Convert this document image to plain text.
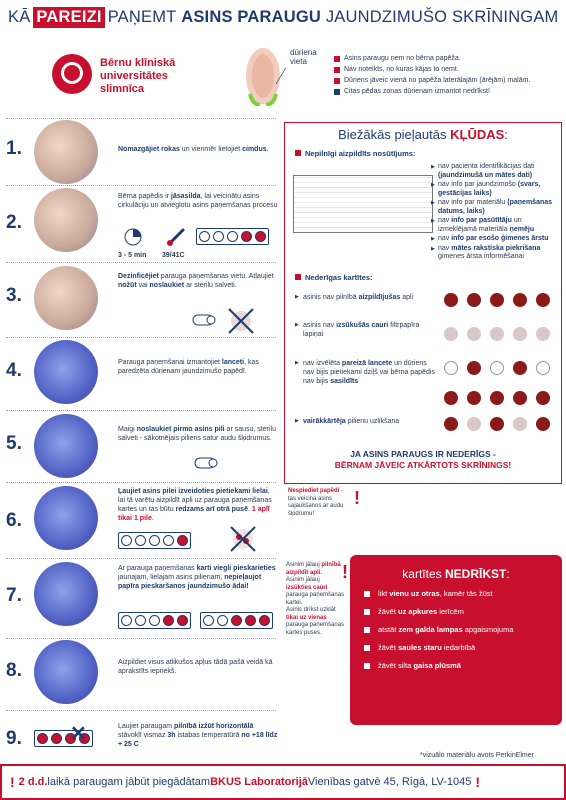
KĀ PAREIZI PAŅEMT
ASINS PARAUGU
JAUNDZIMUŠO SKRĪNINGAM
Bērnu klīniskā
universitātes
slimnīca
dūriena
vieta	Asins paraugu ņem no bērna papēža.
Nav noteikts, no kuras kājas to ņemt.
Dūriens jāveic vienā no papēža laterālajām (ārējām) malām.
Citas pēdas zonas dūrienam izmantot nedrīkst!
1.	Nomazgājiet rokas un vienmēr lietojiet cimdus.
2.
Bērna papēdis ir jāsasilda, lai veicinātu asins cirkulāciju un atvieglotu asins paņemšanas procesu
3 - 5 min 39/41C
3.
Dezinficējiet parauga paņemšanas vietu. Atļaujiet nožūt vai noslaukiet ar sterilu salveti.
4.	Parauga paņemšanai izmantojiet lanceti, kas paredzēta dūrienam jaundzimušo papēdī.
5.
Maigi noslaukiet pirmo asins pili ar sausu, sterilu salveti - sākotnējais piliens satur audu šķidrumus.
6.
Ļaujiet asins pilei izveidoties pietiekami lielai, lai tā varētu aizpildīt apli uz parauga paņemšanas kartes un tas būtu redzams arī otrā pusē. 1 aplī tikai 1 pile.
7.
Ar parauga paņemšanas karti viegli pieskarieties jaunajam, lielajam asins pilienam, nepieļaujot papīra pieskaršanos jaundzimušo ādai!
8.	Aizpildiet visus atlikušos apļus tādā pašā veidā kā aprakstīts iepriekš.
9.	✕	Ļaujiet paraugam pilnībā izžūt horizontālā stāvoklī vismaz 3h istabas temperatūrā no +18 līdz + 25 C
Biežākās pieļautās KĻŪDAS:
Nepilnīgi aizpildīts nosūtījums:
▶ nav pacienta identifikācijas dati (jaundzimušā un mātes dati)
▶ nav info par jaundzimošo (svars, gestācijas laiks)
▶ nav info par materiālu (paņemšanas datums, laiks)
▶ nav info par pasūtītāju un izmeklējamā materiāla ņemēju
▶ nav info par esošo ģimenes ārstu
▶ nav mātes rakstiska piekrišana ģimenes ārsta informēšanai
Nederīgas kartītes:
▶ asinis nav pilnībā aizpildījušas apli
▶ asinis nav izsūkušās cauri filtrpapīra lapiņai
▶ nav izvēlēta pareizā lancete un dūriens nav bijis pietiekami dziļš vai bērna papēdis nav bijis sasildīts
▶ vairākkārtēja pilienu uzlikšana
JA ASINS PARAUGS IR NEDERĪGS -
BĒRNAM JĀVEIC ATKĀRTOTS SKRĪNINGS!
Nespiediet papēdi - tas veicina asins sajaukšanos ar audu šķidrumu!
!
Asinim jālauj pilnībā aizpildīt apli.
Asinim jālauj izsūkties cauri parauga paņemšanas kartei.
Asinis drīkst uzklāt tikai uz vienas parauga paņemšanas kartes puses.
!	kartītes NEDRĪKST:
likt vienu uz otras, kamēr tās žūst
žāvēt uz apkures ierīcēm
atstāt zem galda lampas apgaismojuma
žāvēt saules staru iedarbībā
žāvēt silta gaisa plūsmā
*vizuālo materiālu avots PerkinElmer
! 2 d.d. laikā paraugam jābūt piegādātam BKUS Laboratorijā Vienības gatvē 45, Rīgā, LV-1045 !
